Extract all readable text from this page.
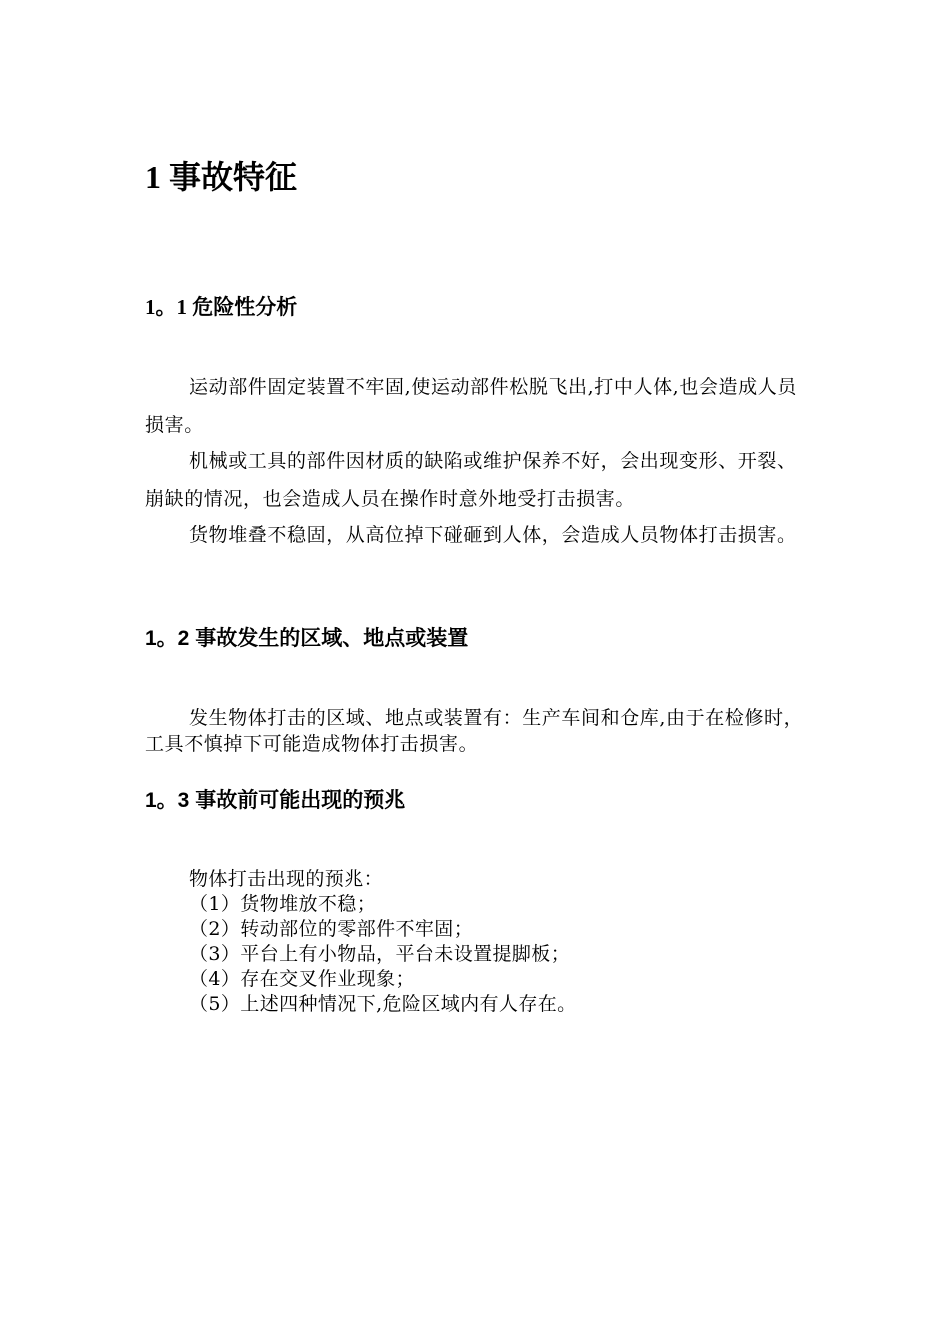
1 事故特征
1。1 危险性分析

运动部件固定装置不牢固,使运动部件松脱飞出,打中人体,也会造成人员损害。

机械或工具的部件因材质的缺陷或维护保养不好，会出现变形、开裂、崩缺的情况，也会造成人员在操作时意外地受打击损害。

货物堆叠不稳固，从高位掉下碰砸到人体，会造成人员物体打击损害。

1。2 事故发生的区域、地点或装置

发生物体打击的区域、地点或装置有：生产车间和仓库,由于在检修时，工具不慎掉下可能造成物体打击损害。

1。3 事故前可能出现的预兆

物体打击出现的预兆：

（1）货物堆放不稳；
（2）转动部位的零部件不牢固；
（3）平台上有小物品，平台未设置提脚板；
（4）存在交叉作业现象；
（5）上述四种情况下,危险区域内有人存在。
